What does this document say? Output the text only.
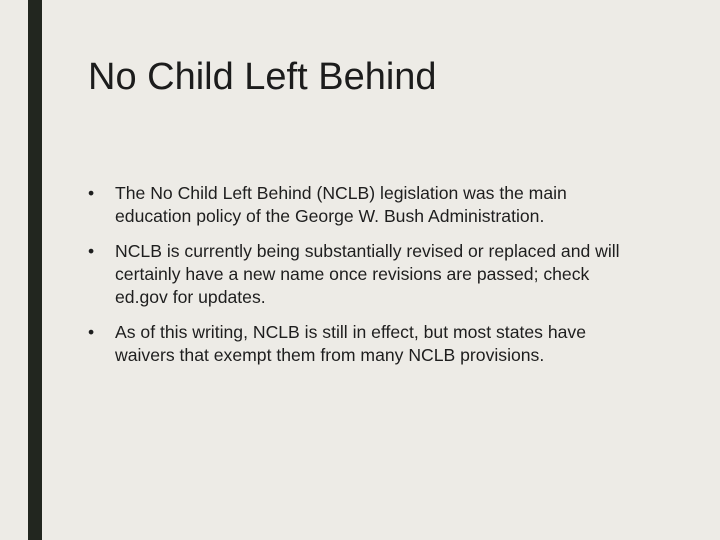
No Child Left Behind
•	The No Child Left Behind (NCLB) legislation was the main education policy of the George W. Bush Administration.
•	NCLB is currently being substantially revised or replaced and will certainly have a new name once revisions are passed; check ed.gov for updates.
•	As of this writing, NCLB is still in effect, but most states have waivers that exempt them from many NCLB provisions.
